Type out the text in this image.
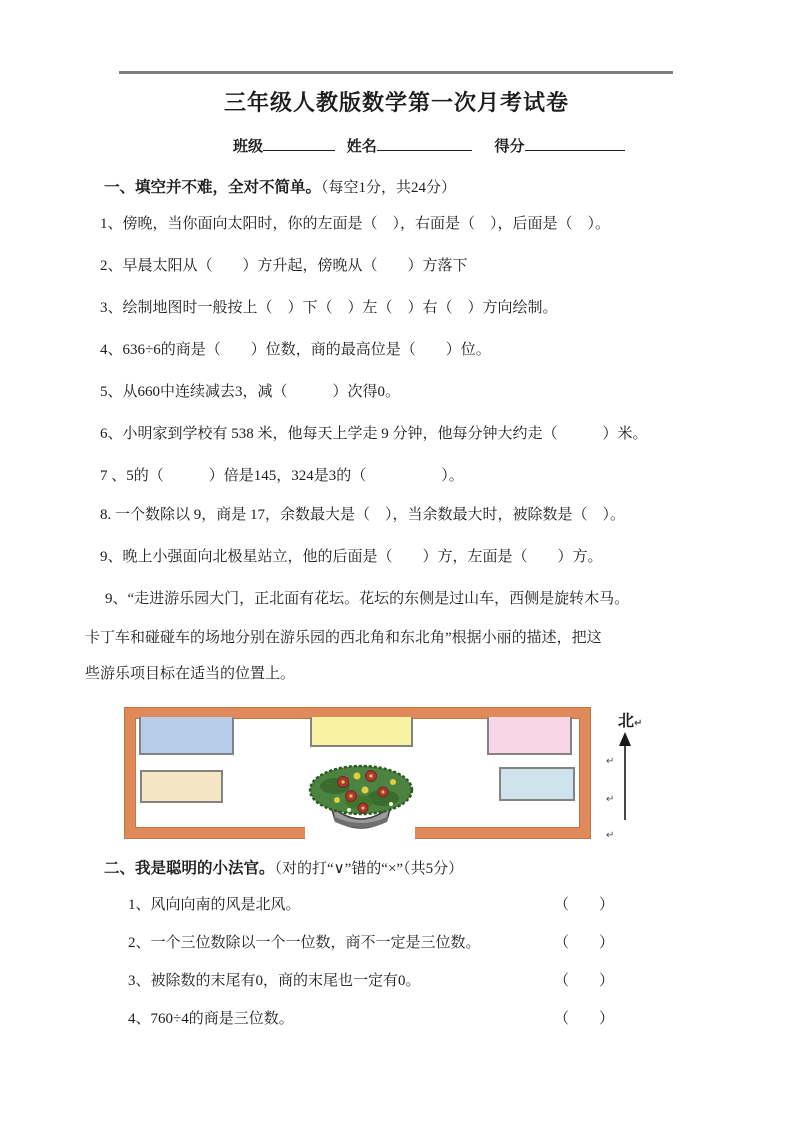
三年级人教版数学第一次月考试卷
班级	姓名	得分
一、填空并不难，全对不简单。（每空1分，共24分）
1、傍晚，当你面向太阳时，你的左面是（　），右面是（　），后面是（　）。
2、早晨太阳从（　　）方升起，傍晚从（　　）方落下
3、绘制地图时一般按上（　）下（　）左（　）右（　）方向绘制。
4、636÷6的商是（　　）位数，商的最高位是（　　）位。
5、从660中连续减去3，减（　　　）次得0。
6、小明家到学校有 538 米，他每天上学走 9 分钟，他每分钟大约走（　　　）米。
7 、5的（　　　）倍是145，324是3的（　　　　　）。
8. 一个数除以 9，商是 17，余数最大是（　），当余数最大时，被除数是（　）。
9、晚上小强面向北极星站立，他的后面是（　　）方，左面是（　　）方。
9、“走进游乐园大门，正北面有花坛。花坛的东侧是过山车，西侧是旋转木马。
卡丁车和碰碰车的场地分别在游乐园的西北角和东北角”根据小丽的描述，把这
些游乐项目标在适当的位置上。
北↵
↵
↵
↵
二、我是聪明的小法官。（对的打“∨”错的“×”（共5分）
1、风向向南的风是北风。	（　　）
2、一个三位数除以一个一位数，商不一定是三位数。	（　　）
3、被除数的末尾有0，商的末尾也一定有0。	（　　）
4、760÷4的商是三位数。	（　　）
